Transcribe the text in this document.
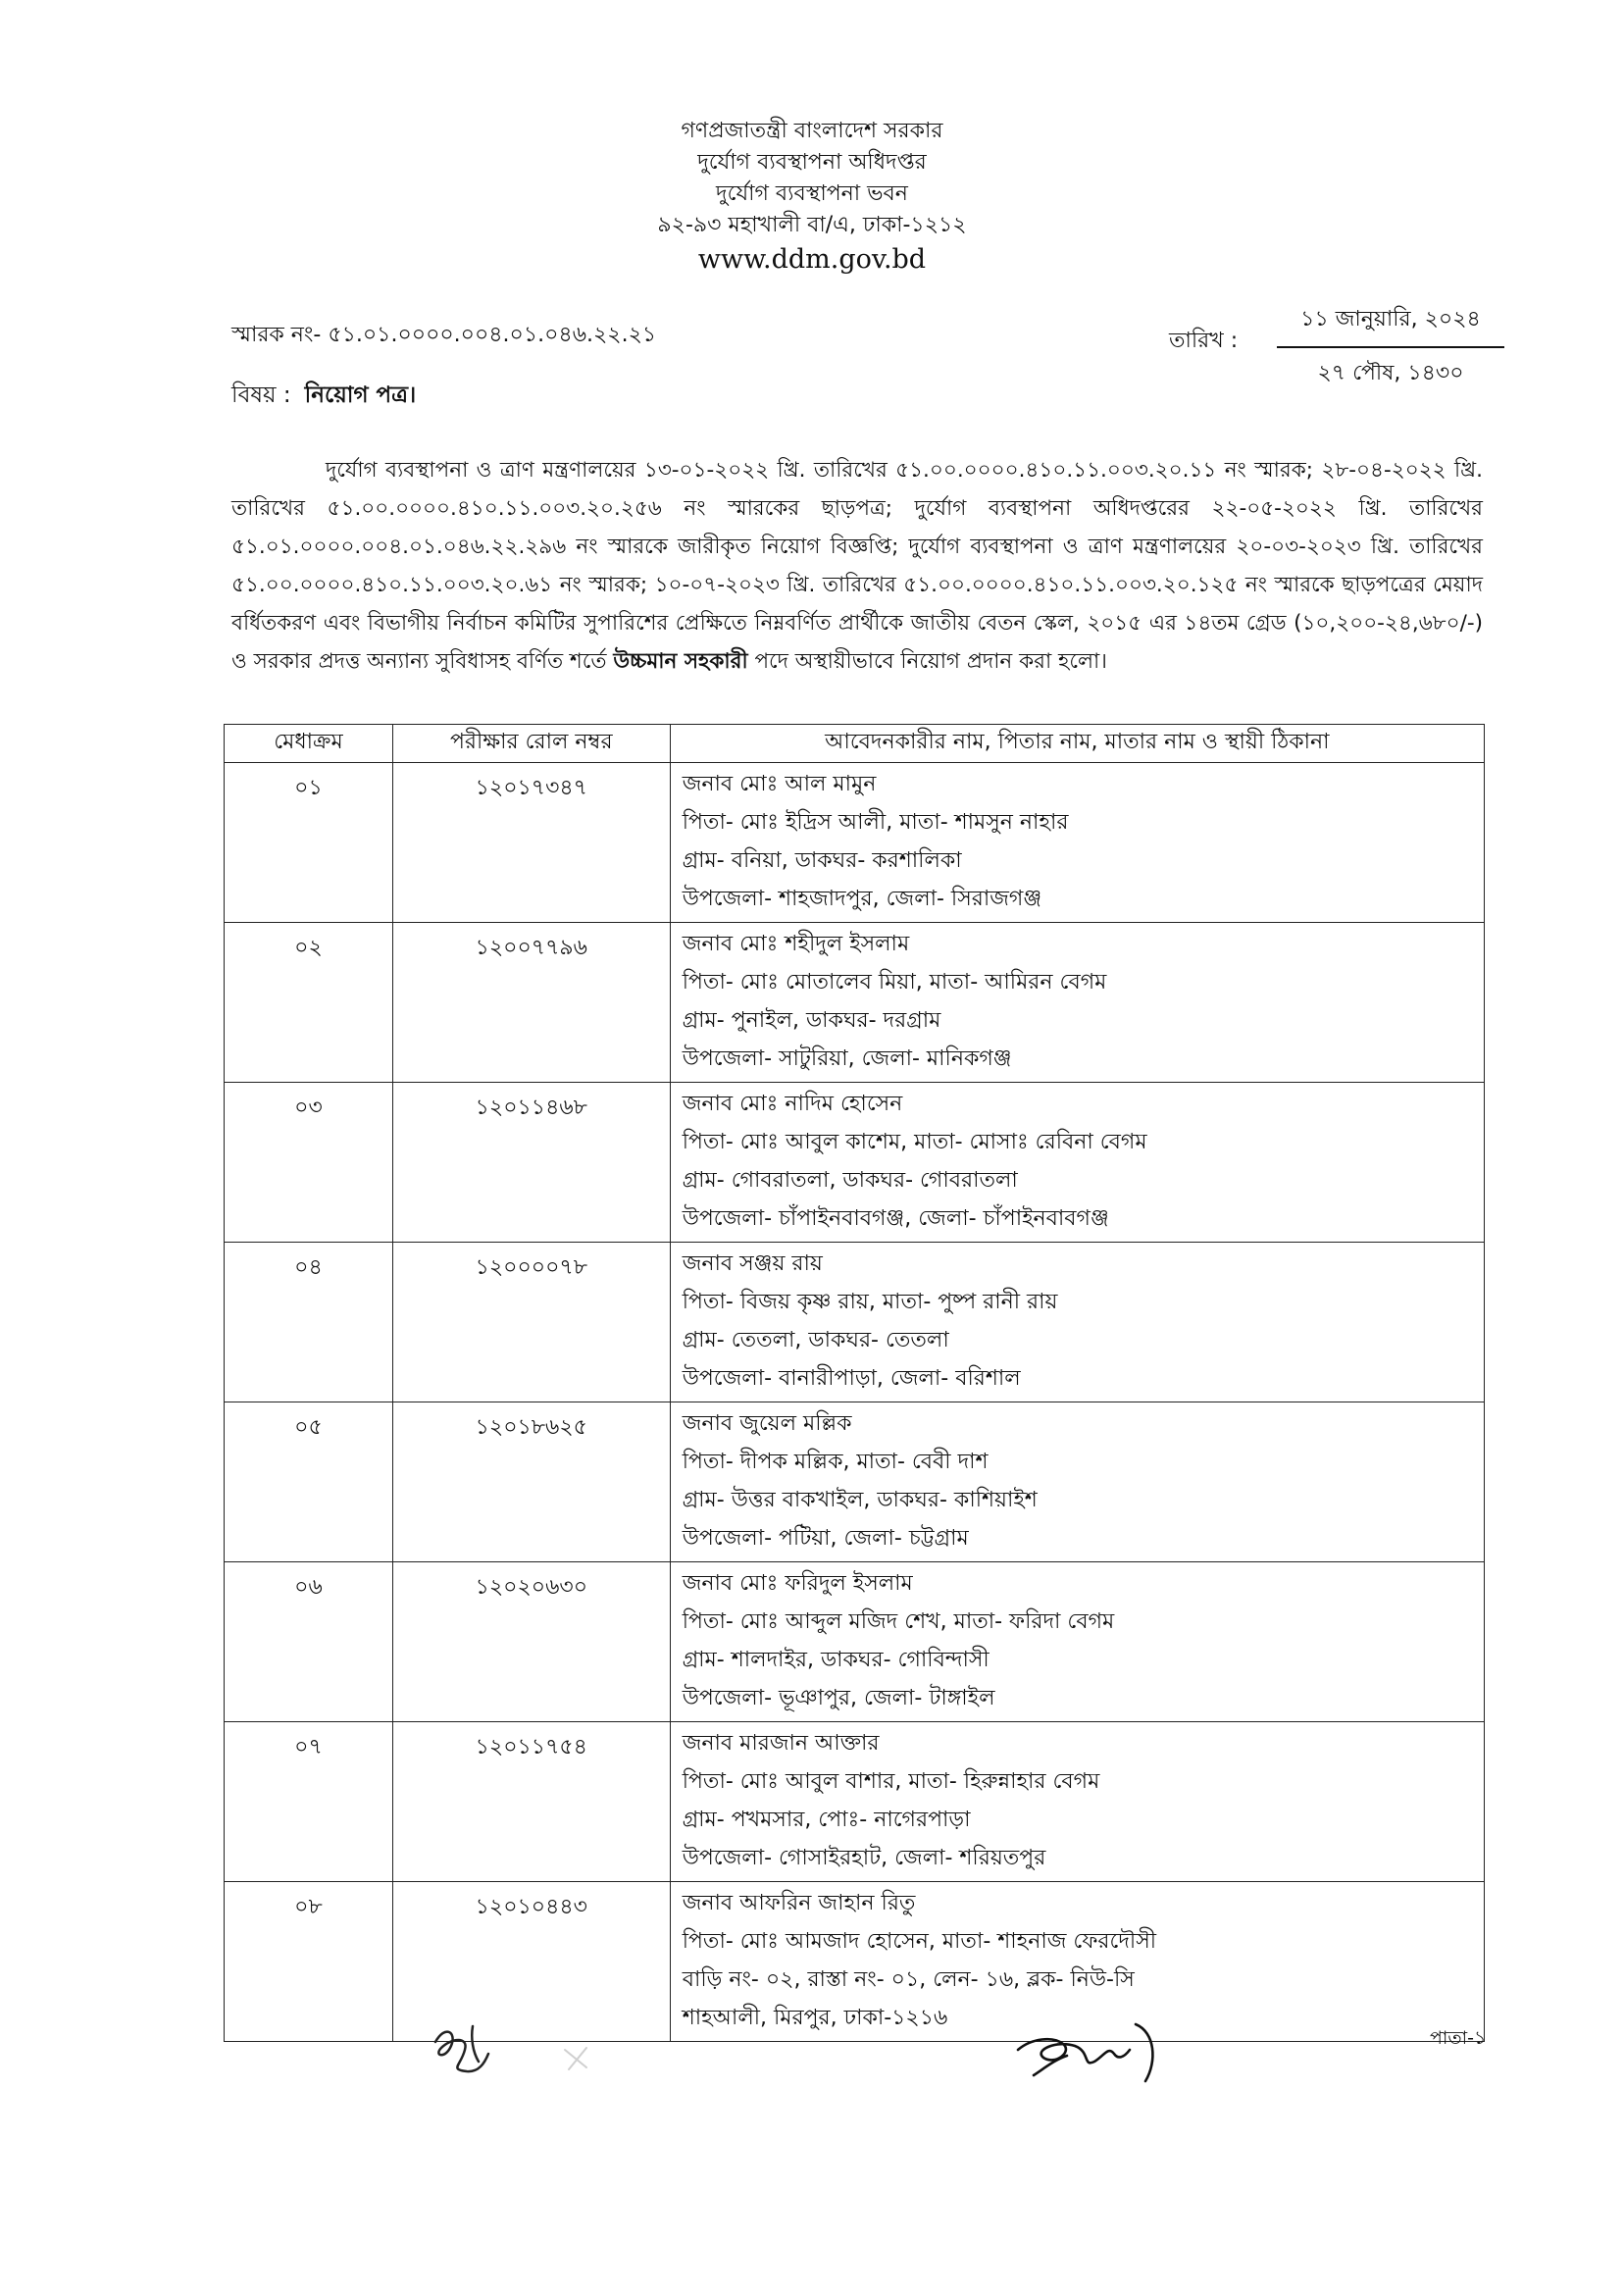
গণপ্রজাতন্ত্রী বাংলাদেশ সরকার
দুর্যোগ ব্যবস্থাপনা অধিদপ্তর
দুর্যোগ ব্যবস্থাপনা ভবন
৯২-৯৩ মহাখালী বা/এ, ঢাকা-১২১২
www.ddm.gov.bd
স্মারক নং- ৫১.০১.০০০০.০০৪.০১.০৪৬.২২.২১	তারিখ :
১১ জানুয়ারি, ২০২৪
২৭ পৌষ, ১৪৩০
বিষয় : নিয়োগ পত্র।
দুর্যোগ ব্যবস্থাপনা ও ত্রাণ মন্ত্রণালয়ের ১৩-০১-২০২২ খ্রি. তারিখের ৫১.০০.০০০০.৪১০.১১.০০৩.২০.১১ নং স্মারক; ২৮-০৪-২০২২ খ্রি. তারিখের ৫১.০০.০০০০.৪১০.১১.০০৩.২০.২৫৬ নং স্মারকের ছাড়পত্র; দুর্যোগ ব্যবস্থাপনা অধিদপ্তরের ২২-০৫-২০২২ খ্রি. তারিখের ৫১.০১.০০০০.০০৪.০১.০৪৬.২২.২৯৬ নং স্মারকে জারীকৃত নিয়োগ বিজ্ঞপ্তি; দুর্যোগ ব্যবস্থাপনা ও ত্রাণ মন্ত্রণালয়ের ২০-০৩-২০২৩ খ্রি. তারিখের ৫১.০০.০০০০.৪১০.১১.০০৩.২০.৬১ নং স্মারক; ১০-০৭-২০২৩ খ্রি. তারিখের ৫১.০০.০০০০.৪১০.১১.০০৩.২০.১২৫ নং স্মারকে ছাড়পত্রের মেয়াদ বর্ধিতকরণ এবং বিভাগীয় নির্বাচন কমিটির সুপারিশের প্রেক্ষিতে নিম্নবর্ণিত প্রার্থীকে জাতীয় বেতন স্কেল, ২০১৫ এর ১৪তম গ্রেড (১০,২০০-২৪,৬৮০/-) ও সরকার প্রদত্ত অন্যান্য সুবিধাসহ বর্ণিত শর্তে উচ্চমান সহকারী পদে অস্থায়ীভাবে নিয়োগ প্রদান করা হলো।
মেধাক্রম	পরীক্ষার রোল নম্বর	আবেদনকারীর নাম, পিতার নাম, মাতার নাম ও স্থায়ী ঠিকানা
০১	১২০১৭৩৪৭	জনাব মোঃ আল মামুন
পিতা- মোঃ ইদ্রিস আলী, মাতা- শামসুন নাহার
গ্রাম- বনিয়া, ডাকঘর- করশালিকা
উপজেলা- শাহজাদপুর, জেলা- সিরাজগঞ্জ

০২	১২০০৭৭৯৬	জনাব মোঃ শহীদুল ইসলাম
পিতা- মোঃ মোতালেব মিয়া, মাতা- আমিরন বেগম
গ্রাম- পুনাইল, ডাকঘর- দরগ্রাম
উপজেলা- সাটুরিয়া, জেলা- মানিকগঞ্জ

০৩	১২০১১৪৬৮	জনাব মোঃ নাদিম হোসেন
পিতা- মোঃ আবুল কাশেম, মাতা- মোসাঃ রেবিনা বেগম
গ্রাম- গোবরাতলা, ডাকঘর- গোবরাতলা
উপজেলা- চাঁপাইনবাবগঞ্জ, জেলা- চাঁপাইনবাবগঞ্জ

০৪	১২০০০০৭৮	জনাব সঞ্জয় রায়
পিতা- বিজয় কৃষ্ণ রায়, মাতা- পুষ্প রানী রায়
গ্রাম- তেতলা, ডাকঘর- তেতলা
উপজেলা- বানারীপাড়া, জেলা- বরিশাল

০৫	১২০১৮৬২৫	জনাব জুয়েল মল্লিক
পিতা- দীপক মল্লিক, মাতা- বেবী দাশ
গ্রাম- উত্তর বাকখাইল, ডাকঘর- কাশিয়াইশ
উপজেলা- পটিয়া, জেলা- চট্টগ্রাম

০৬	১২০২০৬৩০	জনাব মোঃ ফরিদুল ইসলাম
পিতা- মোঃ আব্দুল মজিদ শেখ, মাতা- ফরিদা বেগম
গ্রাম- শালদাইর, ডাকঘর- গোবিন্দাসী
উপজেলা- ভূঞাপুর, জেলা- টাঙ্গাইল

০৭	১২০১১৭৫৪	জনাব মারজান আক্তার
পিতা- মোঃ আবুল বাশার, মাতা- হিরুন্নাহার বেগম
গ্রাম- পখমসার, পোঃ- নাগেরপাড়া
উপজেলা- গোসাইরহাট, জেলা- শরিয়তপুর

০৮	১২০১০৪৪৩	জনাব আফরিন জাহান রিতু
পিতা- মোঃ আমজাদ হোসেন, মাতা- শাহনাজ ফেরদৌসী
বাড়ি নং- ০২, রাস্তা নং- ০১, লেন- ১৬, ব্লক- নিউ-সি
শাহআলী, মিরপুর, ঢাকা-১২১৬
পাতা-১
